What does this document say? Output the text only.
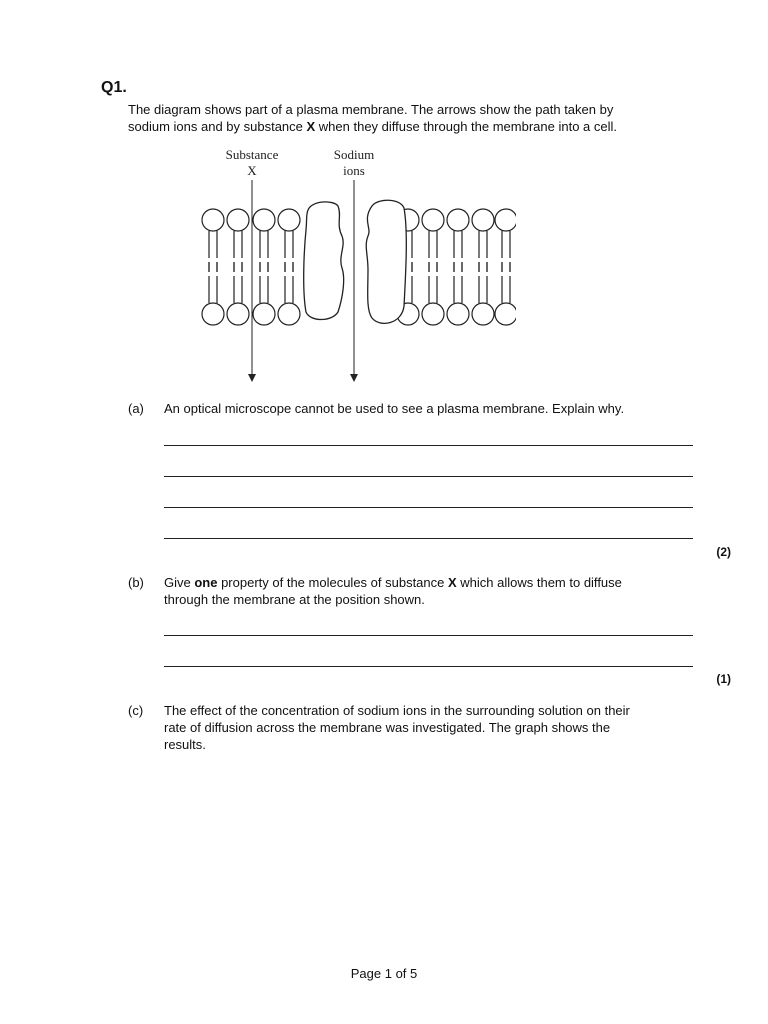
Q1.
The diagram shows part of a plasma membrane. The arrows show the path taken by
sodium ions and by substance X when they diffuse through the membrane into a cell.
Substance
X
Sodium
ions
(a) An optical microscope cannot be used to see a plasma membrane. Explain why.
(2)
(b) Give one property of the molecules of substance X which allows them to diffuse
through the membrane at the position shown.
(1)
(c) The effect of the concentration of sodium ions in the surrounding solution on their
rate of diffusion across the membrane was investigated. The graph shows the
results.
Page 1 of 5
